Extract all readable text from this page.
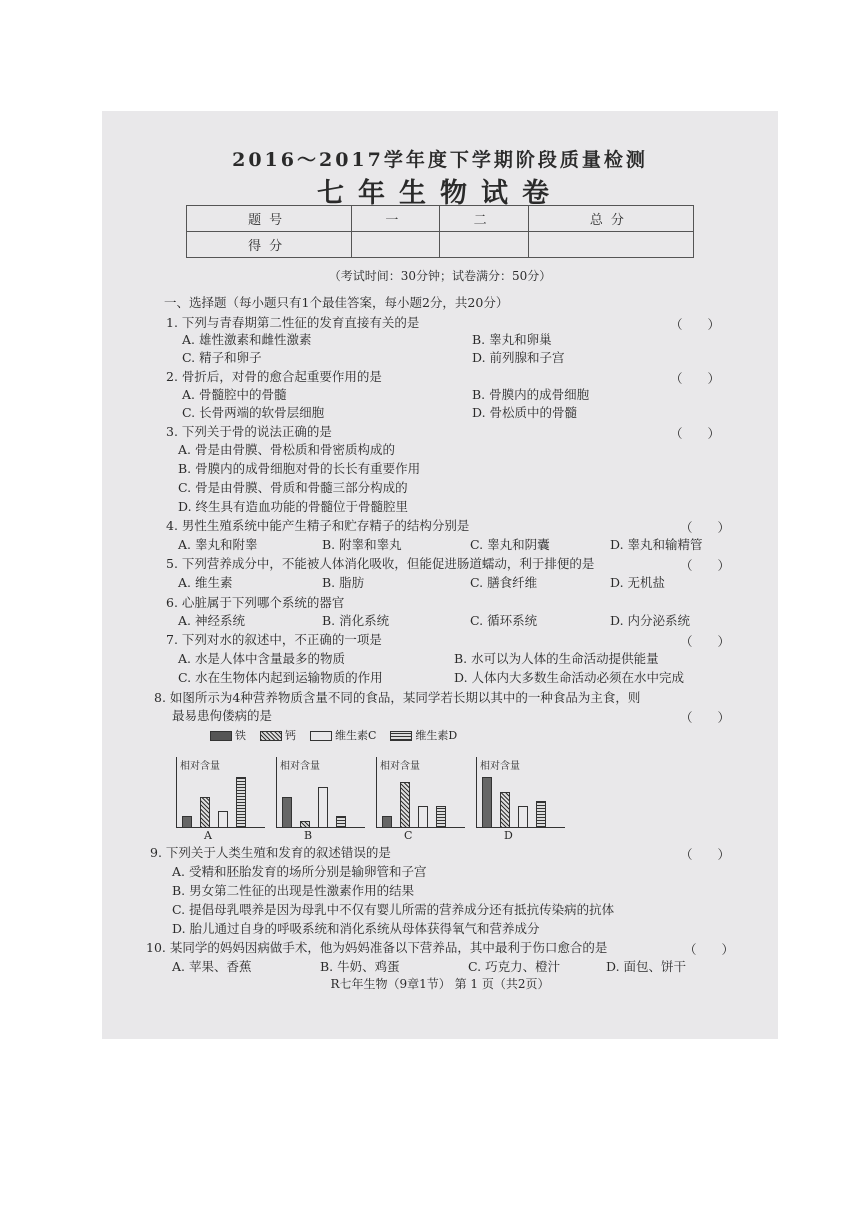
2016～2017学年度下学期阶段质量检测
七年生物试卷
题号	一	二	总分
得分			
（考试时间：30分钟；试卷满分：50分）
一、选择题（每小题只有1个最佳答案，每小题2分，共20分）
1. 下列与青春期第二性征的发育直接有关的是	（　　）
A. 雄性激素和雌性激素	B. 睾丸和卵巢
C. 精子和卵子	D. 前列腺和子宫
2. 骨折后，对骨的愈合起重要作用的是	（　　）
A. 骨髓腔中的骨髓	B. 骨膜内的成骨细胞
C. 长骨两端的软骨层细胞	D. 骨松质中的骨髓
3. 下列关于骨的说法正确的是	（　　）
A. 骨是由骨膜、骨松质和骨密质构成的
B. 骨膜内的成骨细胞对骨的长长有重要作用
C. 骨是由骨膜、骨质和骨髓三部分构成的
D. 终生具有造血功能的骨髓位于骨髓腔里
4. 男性生殖系统中能产生精子和贮存精子的结构分别是	（　　）
A. 睾丸和附睾	B. 附睾和睾丸	C. 睾丸和阴囊	D. 睾丸和输精管
5. 下列营养成分中，不能被人体消化吸收，但能促进肠道蠕动，利于排便的是	（　　）
A. 维生素	B. 脂肪	C. 膳食纤维	D. 无机盐
6. 心脏属于下列哪个系统的器官
A. 神经系统	B. 消化系统	C. 循环系统	D. 内分泌系统
7. 下列对水的叙述中，不正确的一项是	（　　）
A. 水是人体中含量最多的物质	B. 水可以为人体的生命活动提供能量
C. 水在生物体内起到运输物质的作用	D. 人体内大多数生命活动必须在水中完成
8. 如图所示为4种营养物质含量不同的食品，某同学若长期以其中的一种食品为主食，则
最易患佝偻病的是	（　　）
铁	钙	维生素C	维生素D
相对含量
A
相对含量
B
相对含量
C
相对含量
D
9. 下列关于人类生殖和发育的叙述错误的是	（　　）
A. 受精和胚胎发育的场所分别是输卵管和子宫
B. 男女第二性征的出现是性激素作用的结果
C. 提倡母乳喂养是因为母乳中不仅有婴儿所需的营养成分还有抵抗传染病的抗体
D. 胎儿通过自身的呼吸系统和消化系统从母体获得氧气和营养成分
10. 某同学的妈妈因病做手术，他为妈妈准备以下营养品，其中最利于伤口愈合的是	（　　）
A. 苹果、香蕉	B. 牛奶、鸡蛋	C. 巧克力、橙汁	D. 面包、饼干
R七年生物（9章1节） 第 1 页（共2页）
